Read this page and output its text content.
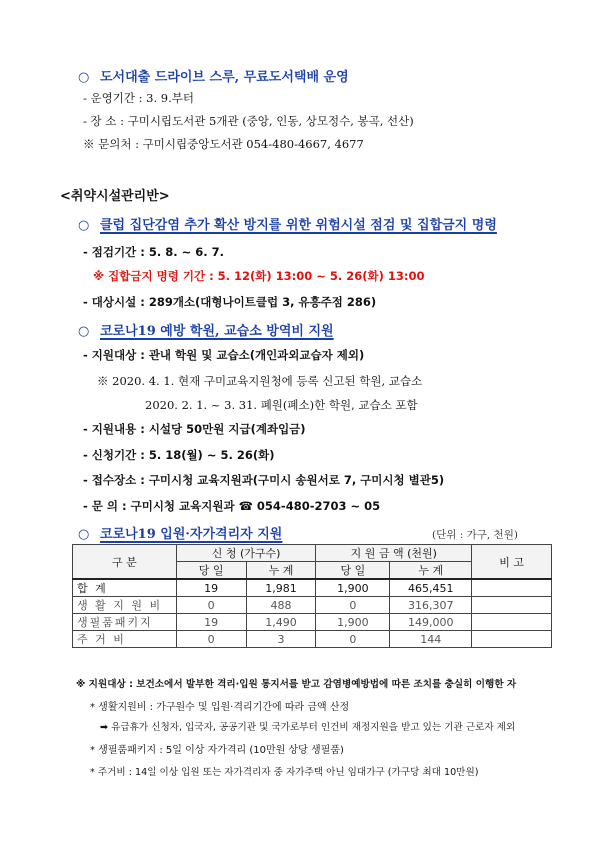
○ 도서대출 드라이브 스루, 무료도서택배 운영
- 운영기간 : 3. 9.부터
- 장 소 : 구미시립도서관 5개관 (중앙, 인동, 상모정수, 봉곡, 선산)
※ 문의처 : 구미시립중앙도서관 054-480-4667, 4677
<취약시설관리반>
○ 클럽 집단감염 추가 확산 방지를 위한 위험시설 점검 및 집합금지 명령
- 점검기간 : 5. 8. ~ 6. 7.
※ 집합금지 명령 기간 : 5. 12(화) 13:00 ~ 5. 26(화) 13:00
- 대상시설 : 289개소(대형나이트클럽 3, 유흥주점 286)
○ 코로나19 예방 학원, 교습소 방역비 지원
- 지원대상 : 관내 학원 및 교습소(개인과외교습자 제외)
※ 2020. 4. 1. 현재 구미교육지원청에 등록 신고된 학원, 교습소
2020. 2. 1. ~ 3. 31. 폐원(폐소)한 학원, 교습소 포함
- 지원내용 : 시설당 50만원 지급(계좌입금)
- 신청기간 : 5. 18(월) ~ 5. 26(화)
- 접수장소 : 구미시청 교육지원과(구미시 송원서로 7, 구미시청 별관5)
- 문 의 : 구미시청 교육지원과 ☎ 054-480-2703 ~ 05
○ 코로나19 입원·자가격리자 지원	(단위 : 가구, 천원)
구 분	신 청 (가구수)		지 원 금 액 (천원)		비 고
	당 일	누 계	당 일	누 계	
합 계	19	1,981	1,900	465,451	
생 활 지 원 비	0	488	0	316,307	
생필품패키지	19	1,490	1,900	149,000	
주 거 비	0	3	0	144	
※ 지원대상 : 보건소에서 발부한 격리·입원 통지서를 받고 감염병예방법에 따른 조치를 충실히 이행한 자
* 생활지원비 : 가구원수 및 입원·격리기간에 따라 금액 산정
➡ 유급휴가 신청자, 입국자, 공공기관 및 국가로부터 인건비 재정지원을 받고 있는 기관 근로자 제외
* 생필품패키지 : 5일 이상 자가격리 (10만원 상당 생필품)
* 주거비 : 14일 이상 입원 또는 자가격리자 중 자가주택 아닌 임대가구 (가구당 최대 10만원)
